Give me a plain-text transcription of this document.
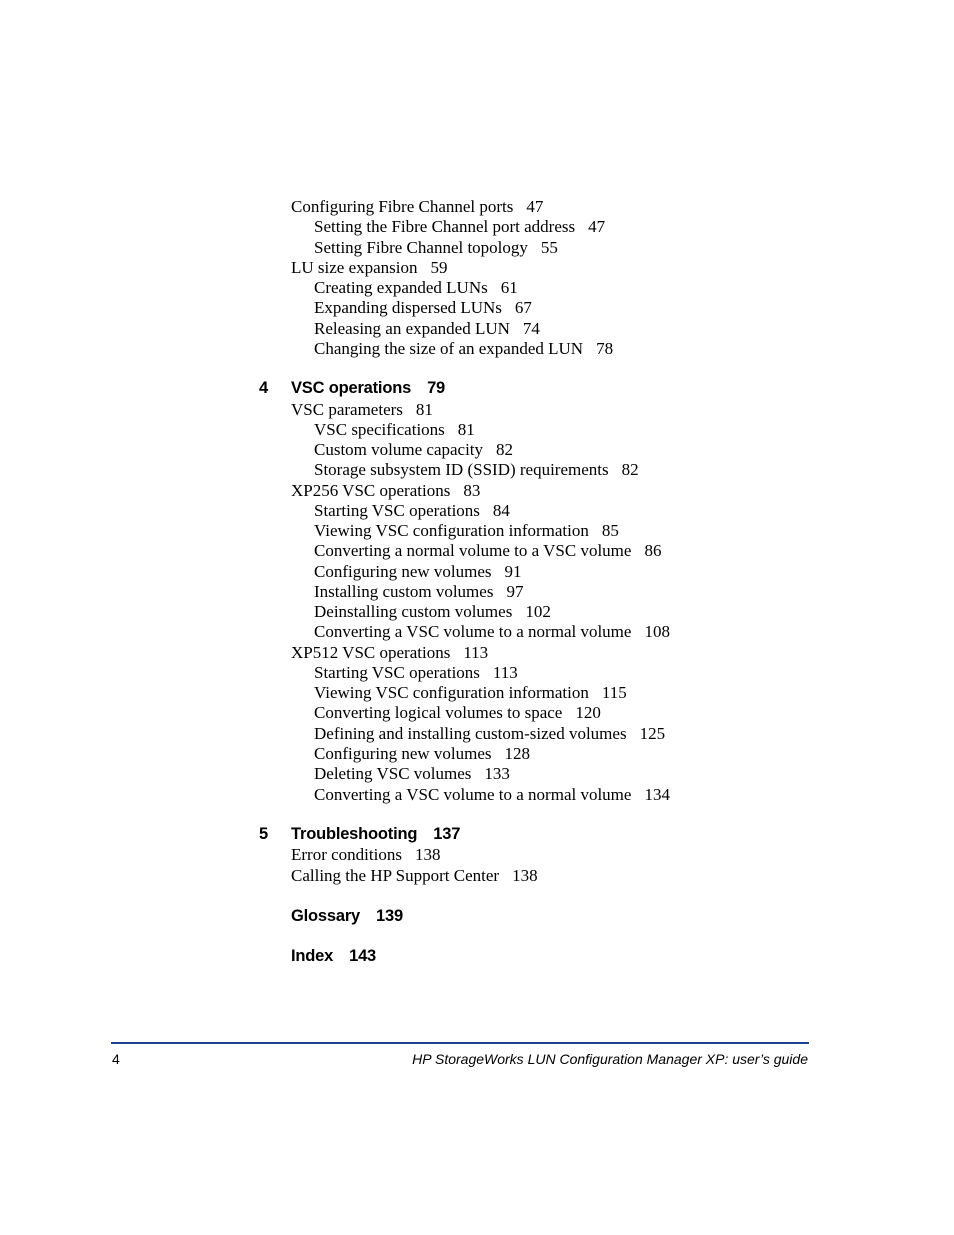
Configuring Fibre Channel ports 47
Setting the Fibre Channel port address 47
Setting Fibre Channel topology 55
LU size expansion 59
Creating expanded LUNs 61
Expanding dispersed LUNs 67
Releasing an expanded LUN 74
Changing the size of an expanded LUN 78
4 VSC operations 79
VSC parameters 81
VSC specifications 81
Custom volume capacity 82
Storage subsystem ID (SSID) requirements 82
XP256 VSC operations 83
Starting VSC operations 84
Viewing VSC configuration information 85
Converting a normal volume to a VSC volume 86
Configuring new volumes 91
Installing custom volumes 97
Deinstalling custom volumes 102
Converting a VSC volume to a normal volume 108
XP512 VSC operations 113
Starting VSC operations 113
Viewing VSC configuration information 115
Converting logical volumes to space 120
Defining and installing custom-sized volumes 125
Configuring new volumes 128
Deleting VSC volumes 133
Converting a VSC volume to a normal volume 134
5 Troubleshooting 137
Error conditions 138
Calling the HP Support Center 138
Glossary 139
Index 143
4	HP StorageWorks LUN Configuration Manager XP: user’s guide
